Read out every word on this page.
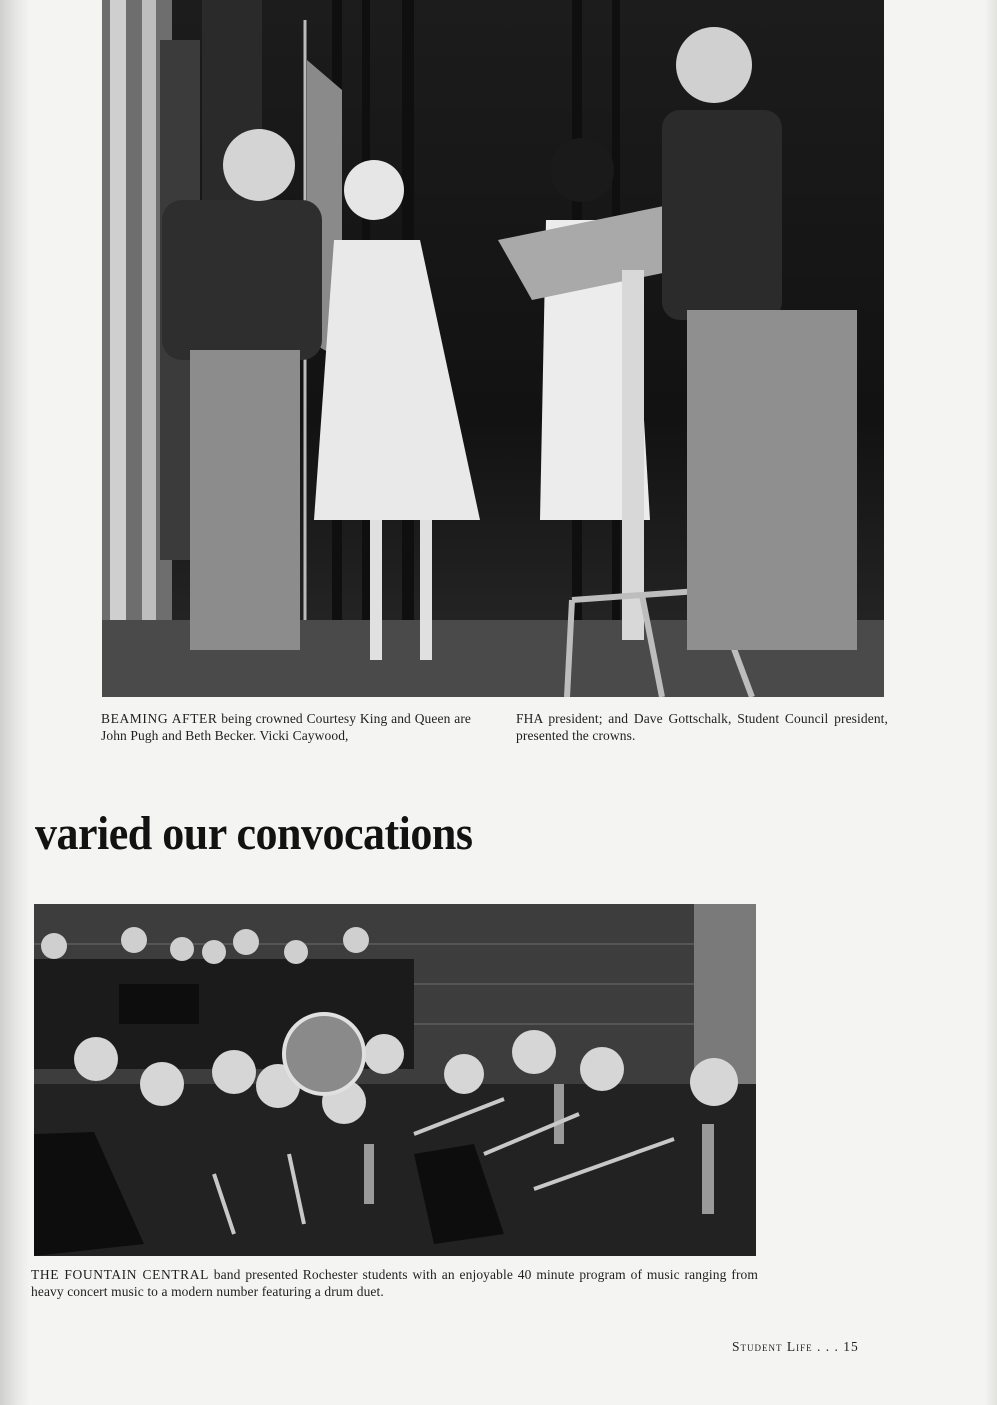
BEAMING AFTER being crowned Courtesy King and Queen are John Pugh and Beth Becker. Vicki Caywood,
FHA president; and Dave Gottschalk, Student Council president, presented the crowns.
varied our convocations
THE FOUNTAIN CENTRAL band presented Rochester students with an enjoyable 40 minute program of music ranging from heavy concert music to a modern number featuring a drum duet.
Student Life . . . 15
